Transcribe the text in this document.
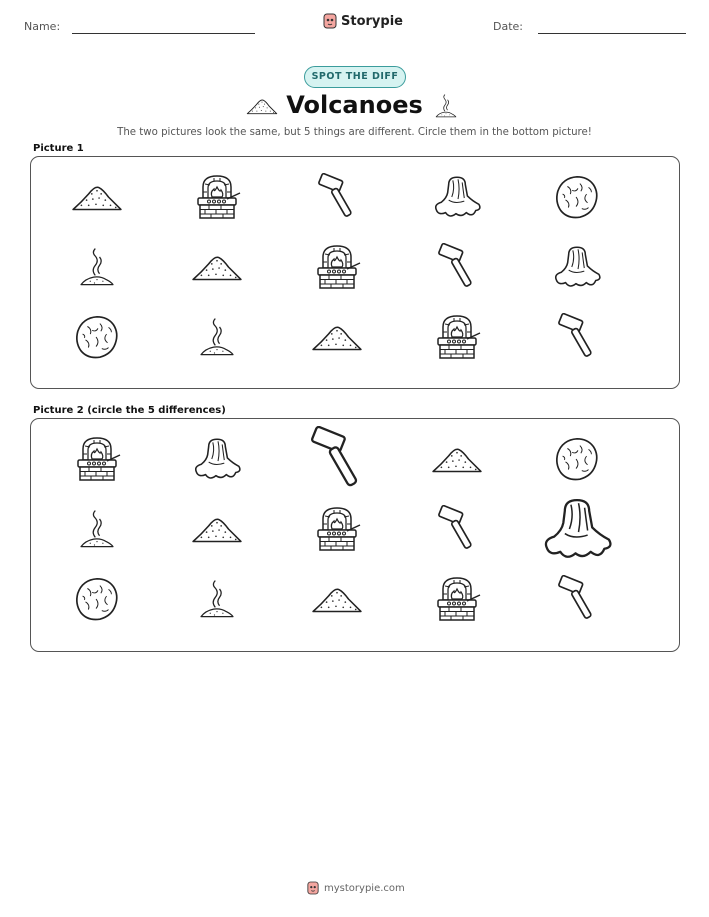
Name:	Storypie	Date:
SPOT THE DIFF
Volcanoes
The two pictures look the same, but 5 things are different. Circle them in the bottom picture!
Picture 1
Picture 2 (circle the 5 differences)
mystorypie.com
